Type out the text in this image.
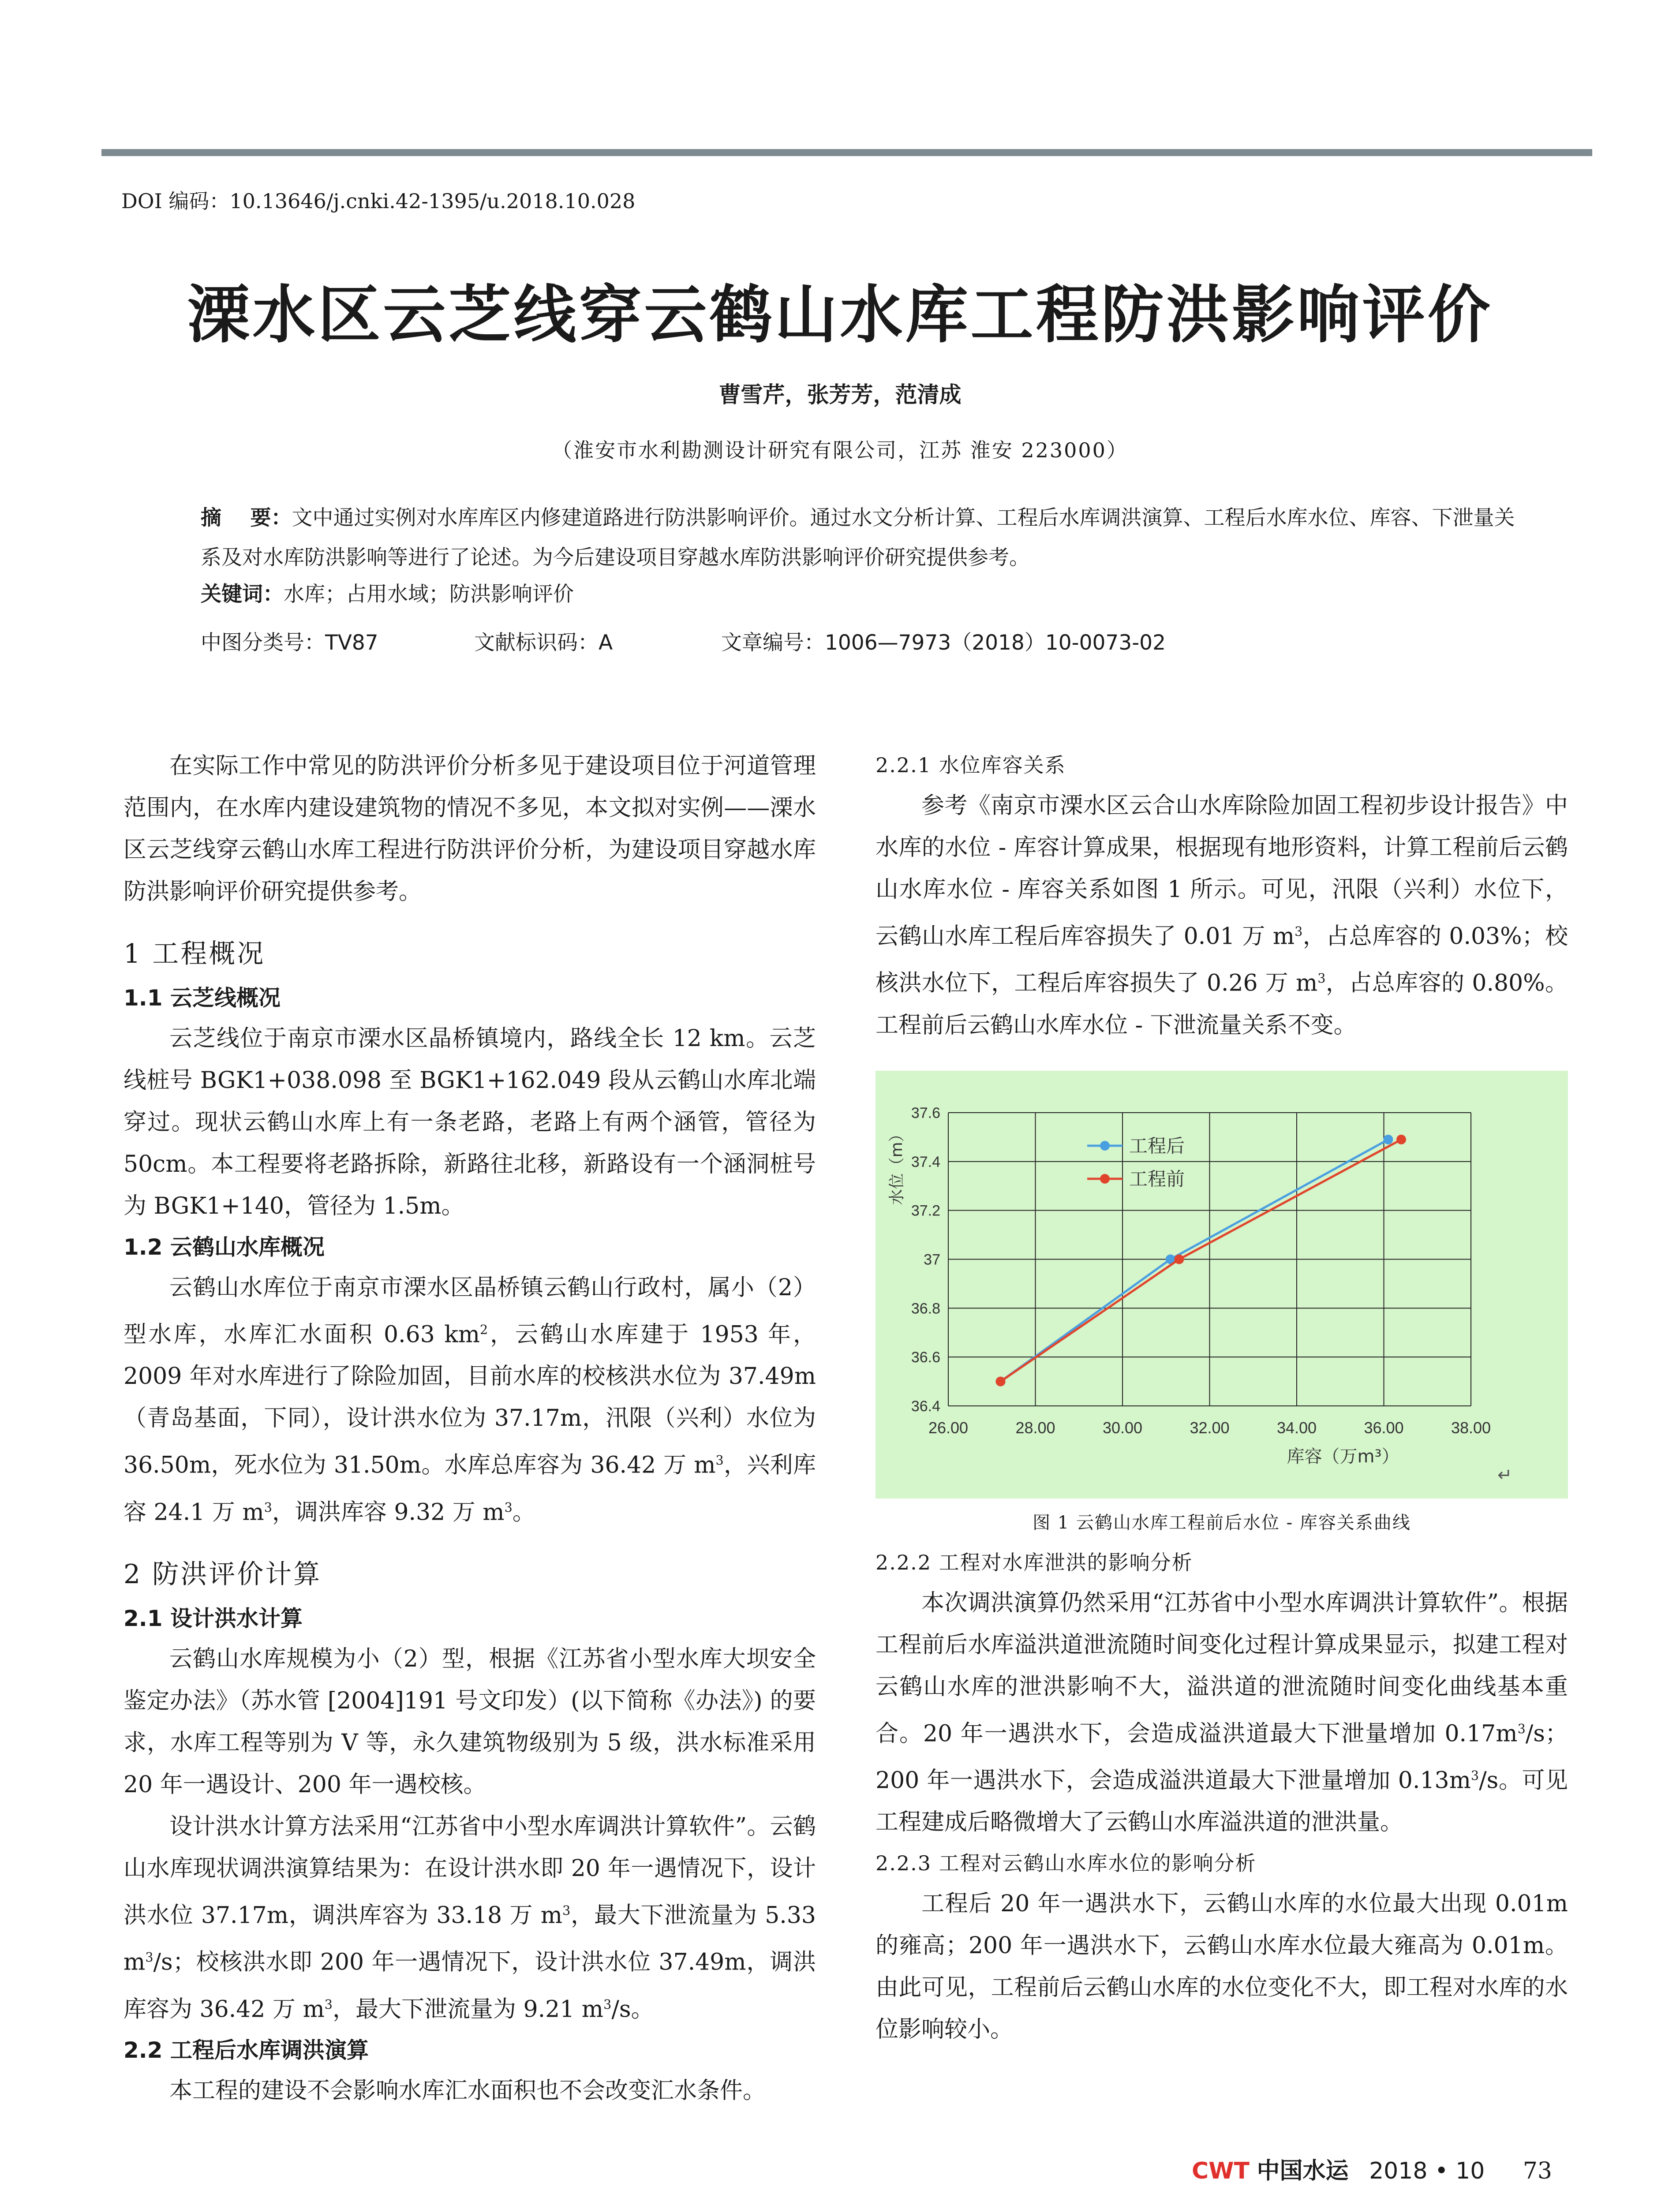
DOI 编码：10.13646/j.cnki.42-1395/u.2018.10.028
溧水区云芝线穿云鹤山水库工程防洪影响评价
曹雪芹，张芳芳，范清成
（淮安市水利勘测设计研究有限公司，江苏 淮安 223000）
摘    要：文中通过实例对水库库区内修建道路进行防洪影响评价。通过水文分析计算、工程后水库调洪演算、工程后水库水位、库容、下泄量关系及对水库防洪影响等进行了论述。为今后建设项目穿越水库防洪影响评价研究提供参考。
关键词：水库；占用水域；防洪影响评价
中图分类号：TV87	文献标识码：A	文章编号：1006—7973（2018）10-0073-02

在实际工作中常见的防洪评价分析多见于建设项目位于河道管理范围内，在水库内建设建筑物的情况不多见，本文拟对实例——溧水区云芝线穿云鹤山水库工程进行防洪评价分析，为建设项目穿越水库防洪影响评价研究提供参考。

1 工程概况
1.1 云芝线概况

云芝线位于南京市溧水区晶桥镇境内，路线全长 12 km。云芝线桩号 BGK1+038.098 至 BGK1+162.049 段从云鹤山水库北端穿过。现状云鹤山水库上有一条老路，老路上有两个涵管，管径为 50cm。本工程要将老路拆除，新路往北移，新路设有一个涵洞桩号为 BGK1+140，管径为 1.5m。

1.2 云鹤山水库概况

云鹤山水库位于南京市溧水区晶桥镇云鹤山行政村，属小（2）型水库，水库汇水面积 0.63 $km^2$，云鹤山水库建于 1953 年，2009 年对水库进行了除险加固，目前水库的校核洪水位为 37.49m（青岛基面，下同），设计洪水位为 37.17m，汛限（兴利）水位为 36.50m，死水位为 31.50m。水库总库容为 36.42 万 $m^3$，兴利库容 24.1 万 $m^3$，调洪库容 9.32 万 $m^3$。

2 防洪评价计算
2.1 设计洪水计算

云鹤山水库规模为小（2）型，根据《江苏省小型水库大坝安全鉴定办法》（苏水管 [2004]191 号文印发）(以下简称《办法》) 的要求，水库工程等别为 V 等，永久建筑物级别为 5 级，洪水标准采用 20 年一遇设计、200 年一遇校核。

设计洪水计算方法采用“江苏省中小型水库调洪计算软件”。云鹤山水库现状调洪演算结果为：在设计洪水即 20 年一遇情况下，设计洪水位 37.17m，调洪库容为 33.18 万 $m^3$，最大下泄流量为 5.33 $m^3/s$；校核洪水即 200 年一遇情况下，设计洪水位 37.49m，调洪库容为 36.42 万 $m^3$，最大下泄流量为 9.21 $m^3/s$。

2.2 工程后水库调洪演算

本工程的建设不会影响水库汇水面积也不会改变汇水条件。

2.2.1 水位库容关系

参考《南京市溧水区云合山水库除险加固工程初步设计报告》中水库的水位 - 库容计算成果，根据现有地形资料，计算工程前后云鹤山水库水位 - 库容关系如图 1 所示。可见，汛限（兴利）水位下，云鹤山水库工程后库容损失了 0.01 万 $m^3$，占总库容的 0.03%；校核洪水位下，工程后库容损失了 0.26 万 $m^3$，占总库容的 0.80%。工程前后云鹤山水库水位 - 下泄流量关系不变。

26.00	28.00	30.00	32.00	34.00	36.00	38.00
36.4
36.6
36.8
37
37.2
37.4
37.6
库容（万m³）
水位（m）	工程后
工程前
↵
图 1 云鹤山水库工程前后水位 - 库容关系曲线
2.2.2 工程对水库泄洪的影响分析

本次调洪演算仍然采用“江苏省中小型水库调洪计算软件”。根据工程前后水库溢洪道泄流随时间变化过程计算成果显示，拟建工程对云鹤山水库的泄洪影响不大，溢洪道的泄流随时间变化曲线基本重合。20 年一遇洪水下，会造成溢洪道最大下泄量增加 $0.17m^3/s$；200 年一遇洪水下，会造成溢洪道最大下泄量增加 $0.13m^3/s$。可见工程建成后略微增大了云鹤山水库溢洪道的泄洪量。

2.2.3 工程对云鹤山水库水位的影响分析

工程后 20 年一遇洪水下，云鹤山水库的水位最大出现 0.01m 的雍高；200 年一遇洪水下，云鹤山水库水位最大雍高为 0.01m。由此可见，工程前后云鹤山水库的水位变化不大，即工程对水库的水位影响较小。

CWT 中国水运 2018 • 10 73
